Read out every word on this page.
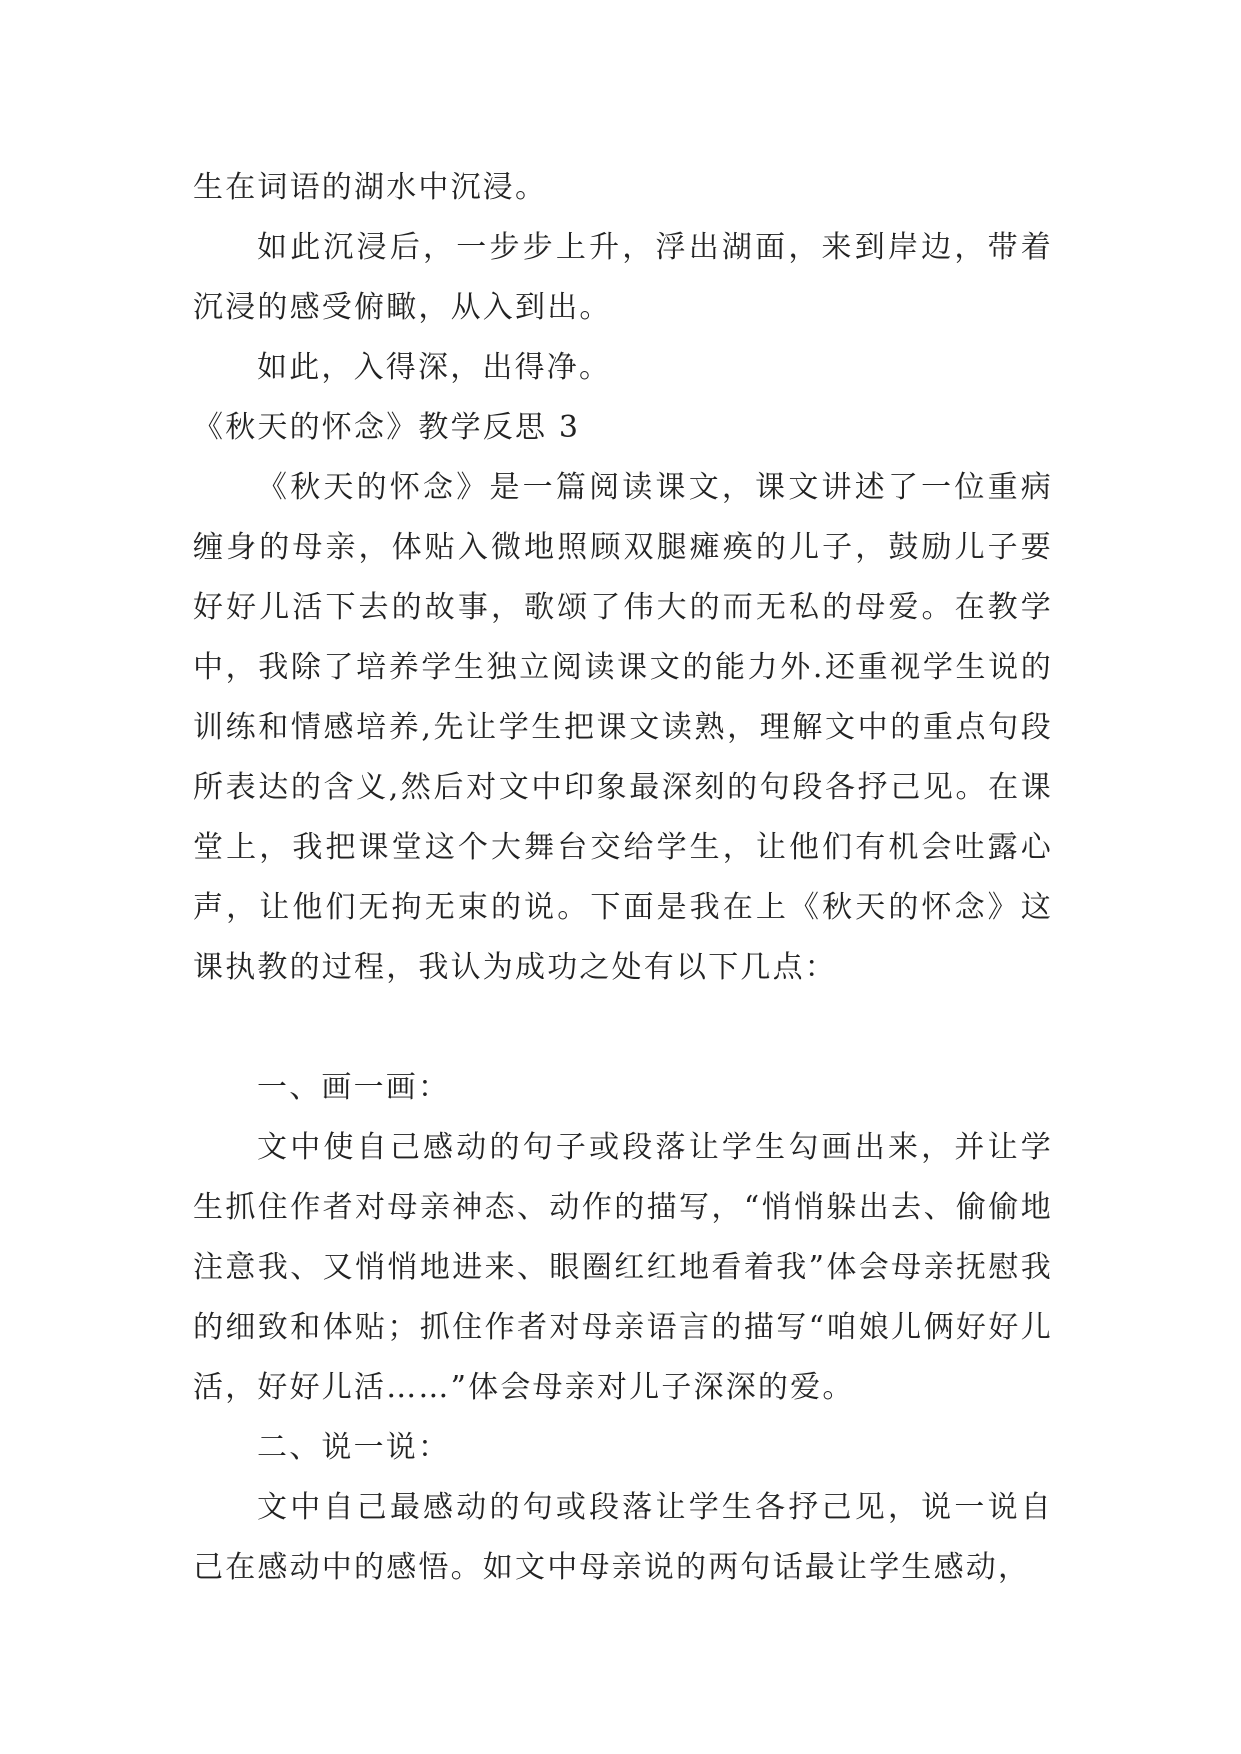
生在词语的湖水中沉浸。

如此沉浸后，一步步上升，浮出湖面，来到岸边，带着沉浸的感受俯瞰，从入到出。

如此，入得深，出得净。

《秋天的怀念》教学反思 3

《秋天的怀念》是一篇阅读课文，课文讲述了一位重病缠身的母亲，体贴入微地照顾双腿瘫痪的儿子，鼓励儿子要好好儿活下去的故事，歌颂了伟大的而无私的母爱。在教学中，我除了培养学生独立阅读课文的能力外.还重视学生说的训练和情感培养,先让学生把课文读熟，理解文中的重点句段所表达的含义,然后对文中印象最深刻的句段各抒己见。在课堂上，我把课堂这个大舞台交给学生，让他们有机会吐露心声，让他们无拘无束的说。下面是我在上《秋天的怀念》这课执教的过程，我认为成功之处有以下几点：

一、画一画：

文中使自己感动的句子或段落让学生勾画出来，并让学生抓住作者对母亲神态、动作的描写，“悄悄躲出去、偷偷地注意我、又悄悄地进来、眼圈红红地看着我”体会母亲抚慰我的细致和体贴；抓住作者对母亲语言的描写“咱娘儿俩好好儿活，好好儿活……”体会母亲对儿子深深的爱。

二、说一说：

文中自己最感动的句或段落让学生各抒己见，说一说自己在感动中的感悟。如文中母亲说的两句话最让学生感动，
